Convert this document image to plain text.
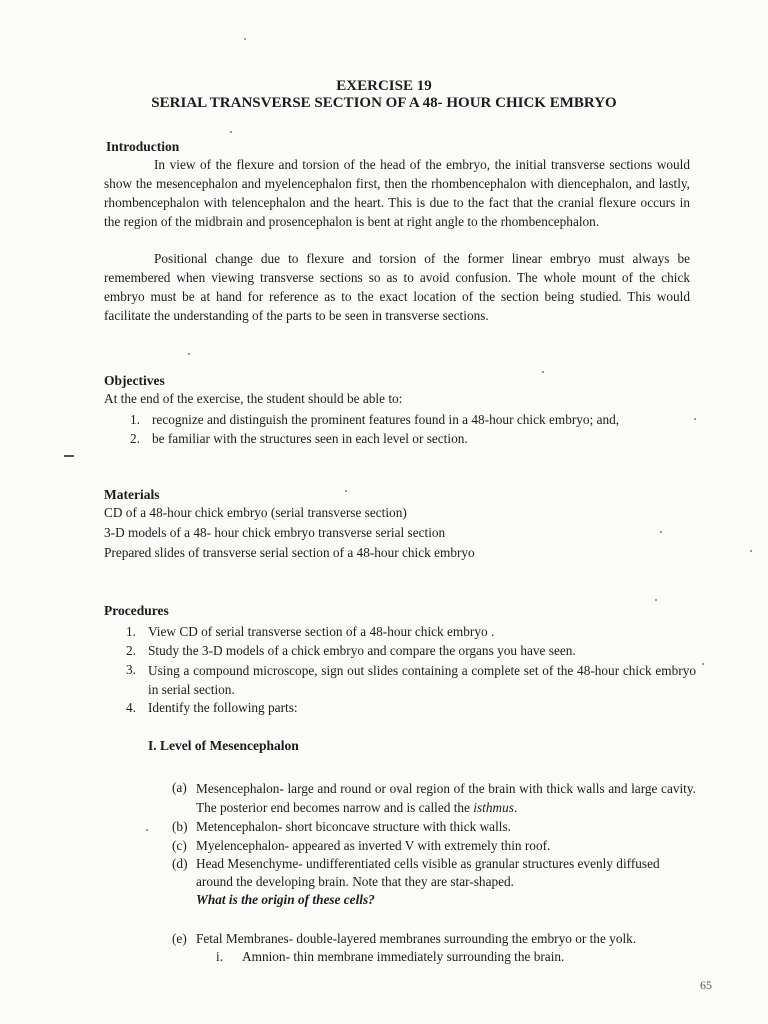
EXERCISE 19
SERIAL TRANSVERSE SECTION OF A 48- HOUR CHICK EMBRYO
Introduction
In view of the flexure and torsion of the head of the embryo, the initial transverse sections would show the mesencephalon and myelencephalon first, then the rhombencephalon with diencephalon, and lastly, rhombencephalon with telencephalon and the heart. This is due to the fact that the cranial flexure occurs in the region of the midbrain and prosencephalon is bent at right angle to the rhombencephalon.
Positional change due to flexure and torsion of the former linear embryo must always be remembered when viewing transverse sections so as to avoid confusion. The whole mount of the chick embryo must be at hand for reference as to the exact location of the section being studied. This would facilitate the understanding of the parts to be seen in transverse sections.
Objectives
At the end of the exercise, the student should be able to:
1. recognize and distinguish the prominent features found in a 48-hour chick embryo; and,
2. be familiar with the structures seen in each level or section.
Materials
CD of a 48-hour chick embryo (serial transverse section)
3-D models of a 48- hour chick embryo transverse serial section
Prepared slides of transverse serial section of a 48-hour chick embryo
Procedures
1. View CD of serial transverse section of a 48-hour chick embryo .
2. Study the 3-D models of a chick embryo and compare the organs you have seen.
3. Using a compound microscope, sign out slides containing a complete set of the 48-hour chick embryo in serial section.
4. Identify the following parts:
I. Level of Mesencephalon
(a) Mesencephalon- large and round or oval region of the brain with thick walls and large cavity. The posterior end becomes narrow and is called the isthmus.
(b) Metencephalon- short biconcave structure with thick walls.
(c) Myelencephalon- appeared as inverted V with extremely thin roof.
(d) Head Mesenchyme- undifferentiated cells visible as granular structures evenly diffused around the developing brain. Note that they are star-shaped.
What is the origin of these cells?
(e) Fetal Membranes- double-layered membranes surrounding the embryo or the yolk.
i. Amnion- thin membrane immediately surrounding the brain.
65
